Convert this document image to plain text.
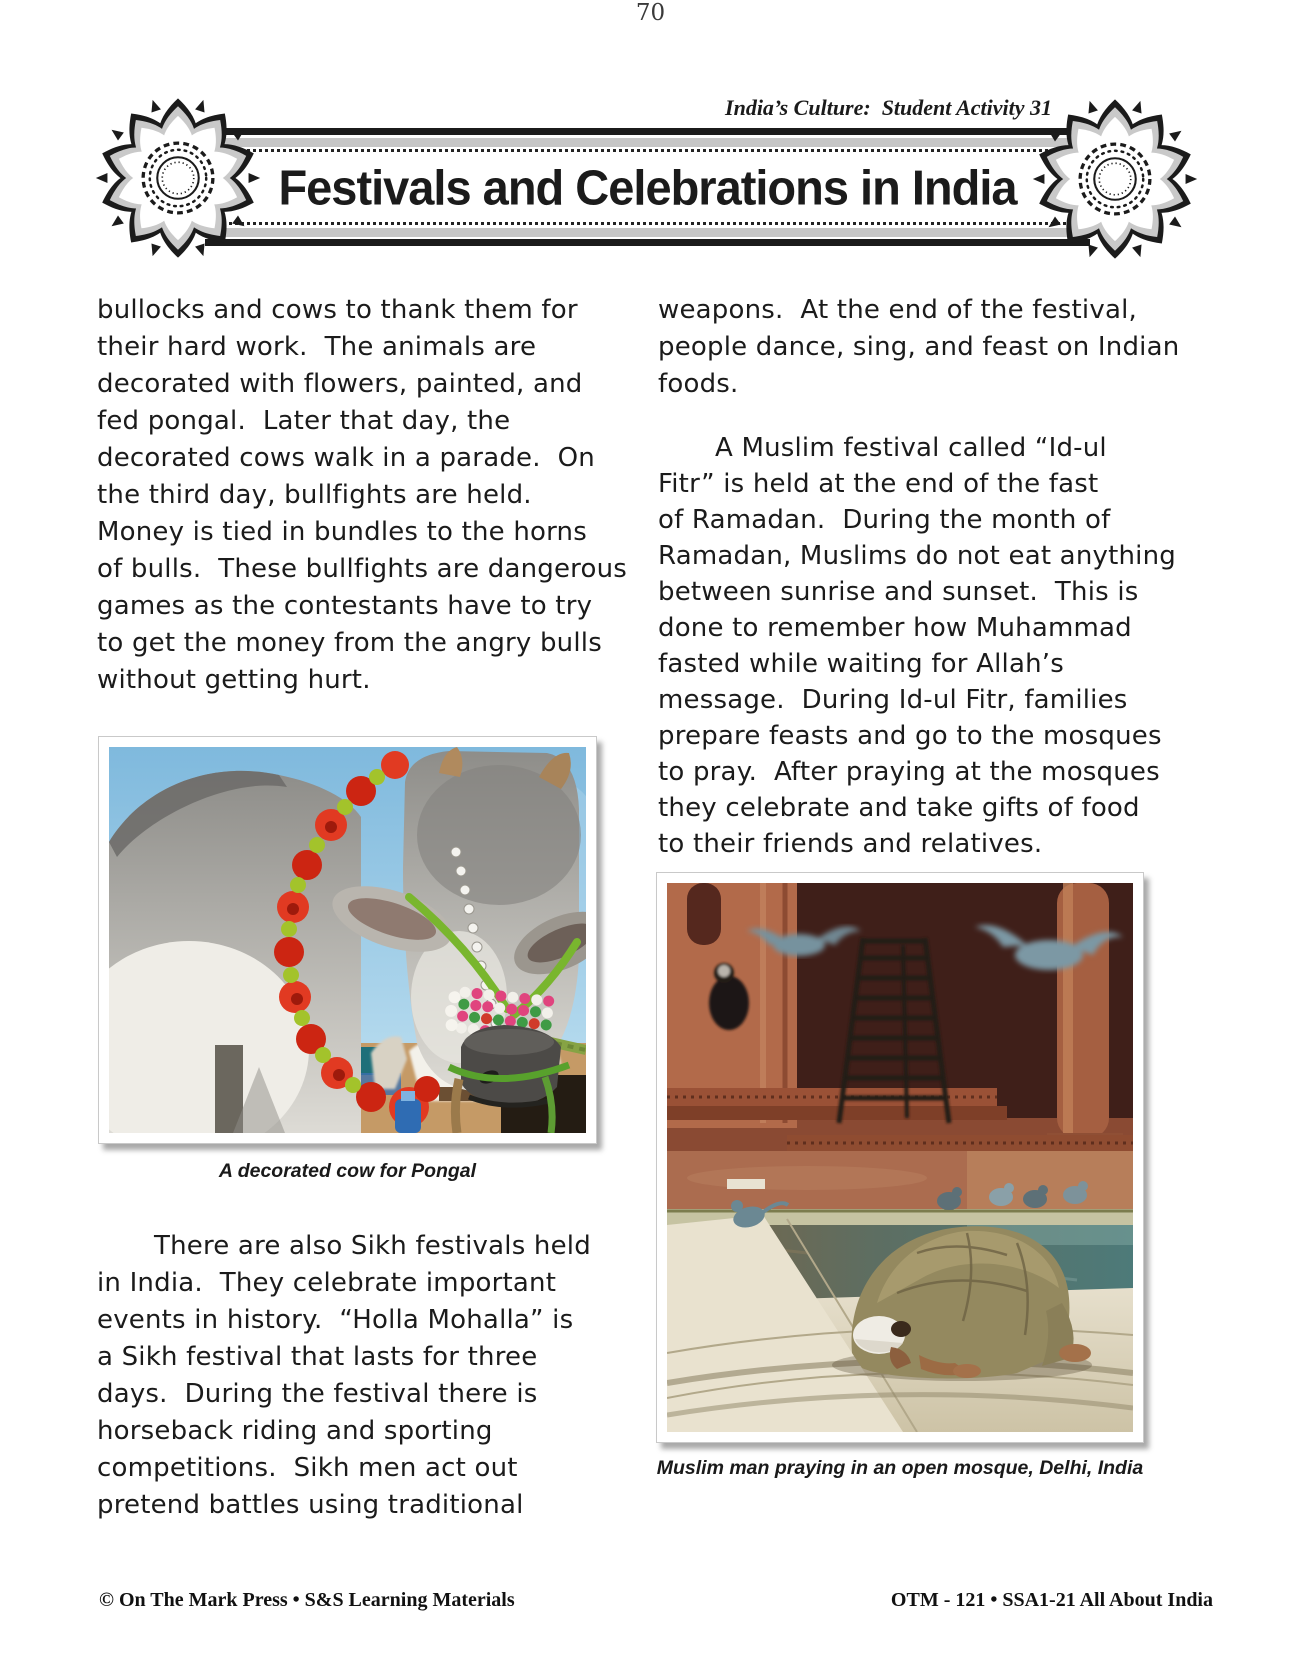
India’s Culture:  Student Activity 31
Festivals and Celebrations in India
bullocks and cows to thank them for
their hard work.  The animals are
decorated with flowers, painted, and
fed pongal.  Later that day, the
decorated cows walk in a parade.  On
the third day, bullfights are held.
Money is tied in bundles to the horns
of bulls.  These bullfights are dangerous
games as the contestants have to try
to get the money from the angry bulls
without getting hurt.
A decorated cow for Pongal
There are also Sikh festivals held
in India.  They celebrate important
events in history.  “Holla Mohalla” is
a Sikh festival that lasts for three
days.  During the festival there is
horseback riding and sporting
competitions.  Sikh men act out
pretend battles using traditional
weapons.  At the end of the festival,
people dance, sing, and feast on Indian
foods.
A Muslim festival called “Id-ul
Fitr” is held at the end of the fast
of Ramadan.  During the month of
Ramadan, Muslims do not eat anything
between sunrise and sunset.  This is
done to remember how Muhammad
fasted while waiting for Allah’s
message.  During Id-ul Fitr, families
prepare feasts and go to the mosques
to pray.  After praying at the mosques
they celebrate and take gifts of food
to their friends and relatives.
Muslim man praying in an open mosque, Delhi, India
© On The Mark Press • S&S Learning Materials
70
OTM - 121 • SSA1-21 All About India
